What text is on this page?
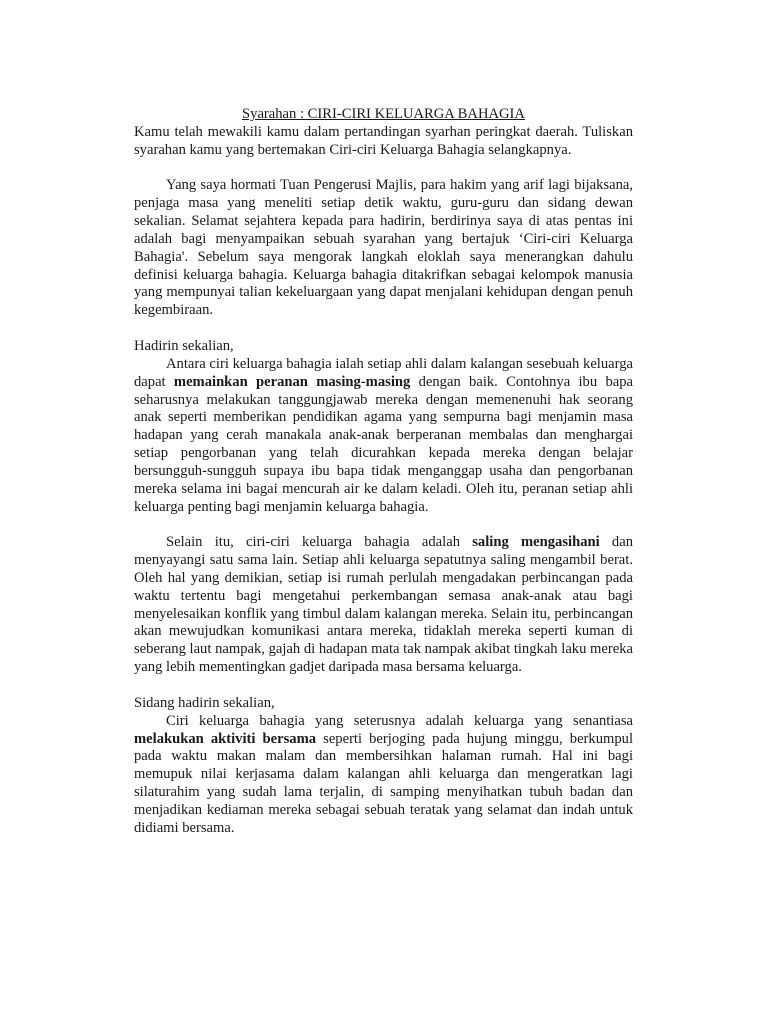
Syarahan : CIRI-CIRI KELUARGA BAHAGIA

Kamu telah mewakili kamu dalam pertandingan syarhan peringkat daerah. Tuliskan syarahan kamu yang bertemakan Ciri-ciri Keluarga Bahagia selangkapnya.

Yang saya hormati Tuan Pengerusi Majlis, para hakim yang arif lagi bijaksana, penjaga masa yang meneliti setiap detik waktu, guru-guru dan sidang dewan sekalian. Selamat sejahtera kepada para hadirin, berdirinya saya di atas pentas ini adalah bagi menyampaikan sebuah syarahan yang bertajuk ‘Ciri-ciri Keluarga Bahagia'. Sebelum saya mengorak langkah eloklah saya menerangkan dahulu definisi keluarga bahagia. Keluarga bahagia ditakrifkan sebagai kelompok manusia yang mempunyai talian kekeluargaan yang dapat menjalani kehidupan dengan penuh kegembiraan.

Hadirin sekalian,

Antara ciri keluarga bahagia ialah setiap ahli dalam kalangan sesebuah keluarga dapat memainkan peranan masing-masing dengan baik. Contohnya ibu bapa seharusnya melakukan tanggungjawab mereka dengan memenenuhi hak seorang anak seperti memberikan pendidikan agama yang sempurna bagi menjamin masa hadapan yang cerah manakala anak-anak berperanan membalas dan menghargai setiap pengorbanan yang telah dicurahkan kepada mereka dengan belajar bersungguh-sungguh supaya ibu bapa tidak menganggap usaha dan pengorbanan mereka selama ini bagai mencurah air ke dalam keladi. Oleh itu, peranan setiap ahli keluarga penting bagi menjamin keluarga bahagia.

Selain itu, ciri-ciri keluarga bahagia adalah saling mengasihani dan menyayangi satu sama lain. Setiap ahli keluarga sepatutnya saling mengambil berat. Oleh hal yang demikian, setiap isi rumah perlulah mengadakan perbincangan pada waktu tertentu bagi mengetahui perkembangan semasa anak-anak atau bagi menyelesaikan konflik yang timbul dalam kalangan mereka. Selain itu, perbincangan akan mewujudkan komunikasi antara mereka, tidaklah mereka seperti kuman di seberang laut nampak, gajah di hadapan mata tak nampak akibat tingkah laku mereka yang lebih mementingkan gadjet daripada masa bersama keluarga.

Sidang hadirin sekalian,

Ciri keluarga bahagia yang seterusnya adalah keluarga yang senantiasa melakukan aktiviti bersama seperti berjoging pada hujung minggu, berkumpul pada waktu makan malam dan membersihkan halaman rumah. Hal ini bagi memupuk nilai kerjasama dalam kalangan ahli keluarga dan mengeratkan lagi silaturahim yang sudah lama terjalin, di samping menyihatkan tubuh badan dan menjadikan kediaman mereka sebagai sebuah teratak yang selamat dan indah untuk didiami bersama.
